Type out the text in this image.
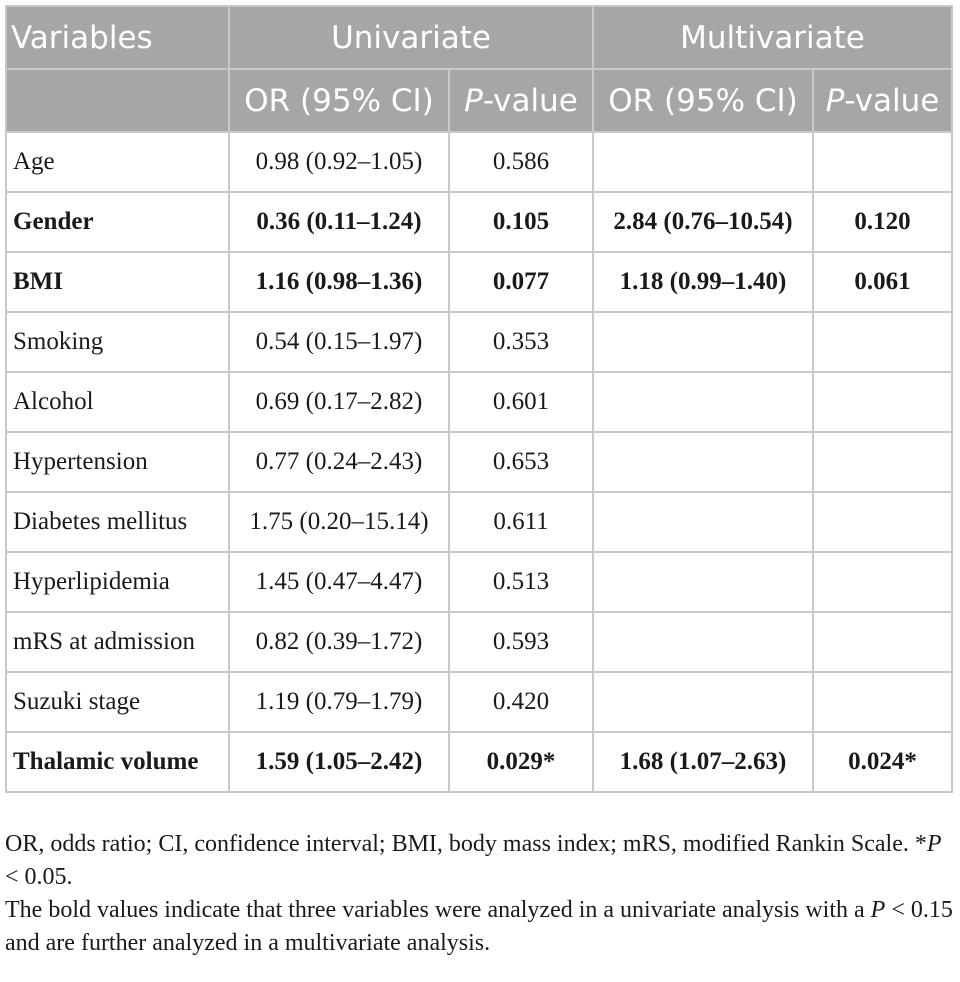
Variables	Univariate		Multivariate	
	OR (95% CI)	P-value	OR (95% CI)	P-value
Age	0.98 (0.92–1.05)	0.586		
Gender	0.36 (0.11–1.24)	0.105	2.84 (0.76–10.54)	0.120
BMI	1.16 (0.98–1.36)	0.077	1.18 (0.99–1.40)	0.061
Smoking	0.54 (0.15–1.97)	0.353		
Alcohol	0.69 (0.17–2.82)	0.601		
Hypertension	0.77 (0.24–2.43)	0.653		
Diabetes mellitus	1.75 (0.20–15.14)	0.611		
Hyperlipidemia	1.45 (0.47–4.47)	0.513		
mRS at admission	0.82 (0.39–1.72)	0.593		
Suzuki stage	1.19 (0.79–1.79)	0.420		
Thalamic volume	1.59 (1.05–2.42)	0.029*	1.68 (1.07–2.63)	0.024*

OR, odds ratio; CI, confidence interval; BMI, body mass index; mRS, modified Rankin Scale. *P < 0.05.

The bold values indicate that three variables were analyzed in a univariate analysis with a P < 0.15 and are further analyzed in a multivariate analysis.
